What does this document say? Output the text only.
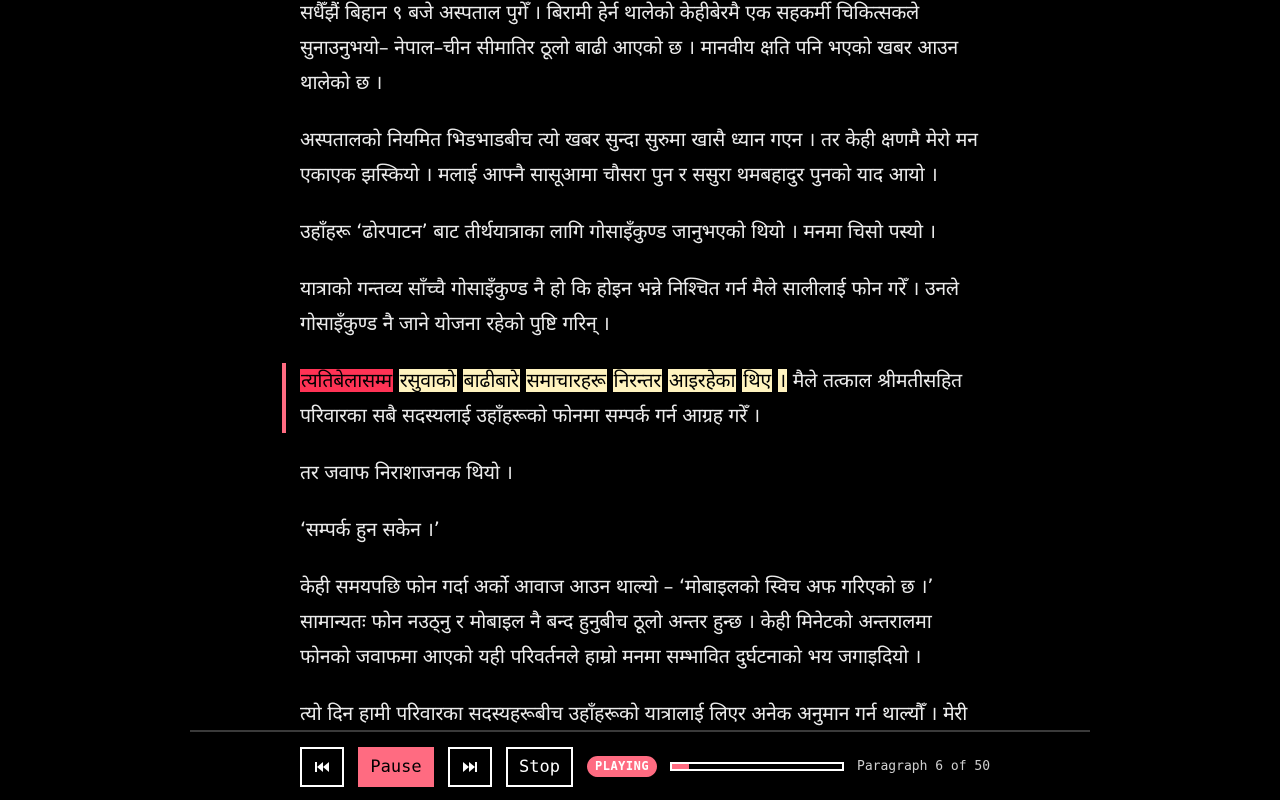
सधैँझैं बिहान ९ बजे अस्पताल पुगेँ । बिरामी हेर्न थालेको केहीबेरमै एक सहकर्मी चिकित्सकले सुनाउनुभयो– नेपाल–चीन सीमातिर ठूलो बाढी आएको छ । मानवीय क्षति पनि भएको खबर आउन थालेको छ ।

अस्पतालको नियमित भिडभाडबीच त्यो खबर सुन्दा सुरुमा खासै ध्यान गएन । तर केही क्षणमै मेरो मन एकाएक झस्कियो । मलाई आफ्नै सासूआमा चौसरा पुन र ससुरा थमबहादुर पुनको याद आयो ।

उहाँहरू ‘ढोरपाटन’ बाट तीर्थयात्राका लागि गोसाइँकुण्ड जानुभएको थियो । मनमा चिसो पस्यो ।

यात्राको गन्तव्य साँच्चै गोसाइँकुण्ड नै हो कि होइन भन्ने निश्चित गर्न मैले सालीलाई फोन गरेँ । उनले गोसाइँकुण्ड नै जाने योजना रहेको पुष्टि गरिन् ।

त्यतिबेलासम्म रसुवाको बाढीबारे समाचारहरू निरन्तर आइरहेका थिए । मैले तत्काल श्रीमतीसहित परिवारका सबै सदस्यलाई उहाँहरूको फोनमा सम्पर्क गर्न आग्रह गरेँ ।

तर जवाफ निराशाजनक थियो ।

‘सम्पर्क हुन सकेन ।’

केही समयपछि फोन गर्दा अर्को आवाज आउन थाल्यो – ‘मोबाइलको स्विच अफ गरिएको छ ।’ सामान्यतः फोन नउठ्नु र मोबाइल नै बन्द हुनुबीच ठूलो अन्तर हुन्छ । केही मिनेटको अन्तरालमा फोनको जवाफमा आएको यही परिवर्तनले हाम्रो मनमा सम्भावित दुर्घटनाको भय जगाइदियो ।

त्यो दिन हामी परिवारका सदस्यहरूबीच उहाँहरूको यात्रालाई लिएर अनेक अनुमान गर्न थाल्यौँ । मेरी

Pause	Stop	PLAYING	Paragraph 6 of 50
